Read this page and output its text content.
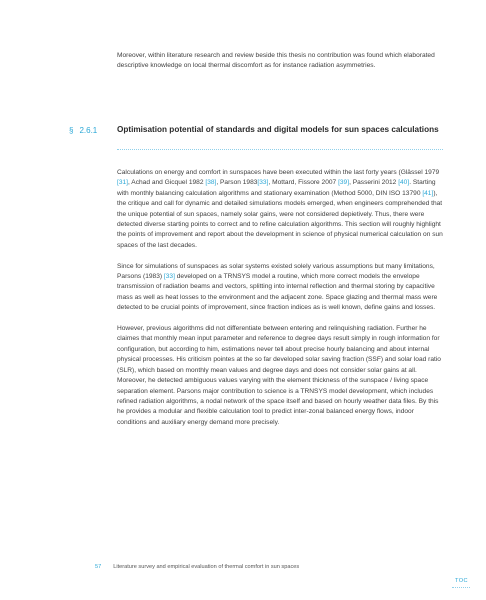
Moreover, within literature research and review beside this thesis no contribution was found which elaborated descriptive knowledge on local thermal discomfort as for instance radiation asymmetries.

§ 2.6.1 Optimisation potential of standards and digital models for sun spaces calculations

Calculations on energy and comfort in sunspaces have been executed within the last forty years (Glässel 1979 [31], Achad and Gicquel 1982 [38], Parson 1983[33], Mottard, Fissore 2007 [39], Passerini 2012 [40]. Starting with monthly balancing calculation algorithms and stationary examination (Method 5000, DIN ISO 13790 [41]), the critique and call for dynamic and detailed simulations models emerged, when engineers comprehended that the unique potential of sun spaces, namely solar gains, were not considered depietively. Thus, there were detected diverse starting points to correct and to refine calculation algorithms. This section will roughly highlight the points of improvement and report about the development in science of physical numerical calculation on sun spaces of the last decades.

Since for simulations of sunspaces as solar systems existed solely various assumptions but many limitations, Parsons (1983) [33] developed on a TRNSYS model a routine, which more correct models the envelope transmission of radiation beams and vectors, splitting into internal reflection and thermal storing by capacitive mass as well as heat losses to the environment and the adjacent zone. Space glazing and thermal mass were detected to be crucial points of improvement, since fraction indices as is well known, define gains and losses.

However, previous algorithms did not differentiate between entering and relinquishing radiation. Further he claimes that monthly mean input parameter and reference to degree days result simply in rough information for configuration, but according to him, estimations never tell about precise hourly balancing and about internal physical processes. His criticism pointes at the so far developed solar saving fraction (SSF) and solar load ratio (SLR), which based on monthly mean values and degree days and does not consider solar gains at all. Moreover, he detected ambiguous values varying with the element thickness of the sunspace / living space separation element. Parsons major contribution to science is a TRNSYS model development, which includes refined radiation algorithms, a nodal network of the space itself and based on hourly weather data files. By this he provides a modular and flexible calculation tool to predict inter-zonal balanced energy flows, indoor conditions and auxiliary energy demand more precisely.

57 Literature survey and empirical evaluation of thermal comfort in sun spaces
TOC
